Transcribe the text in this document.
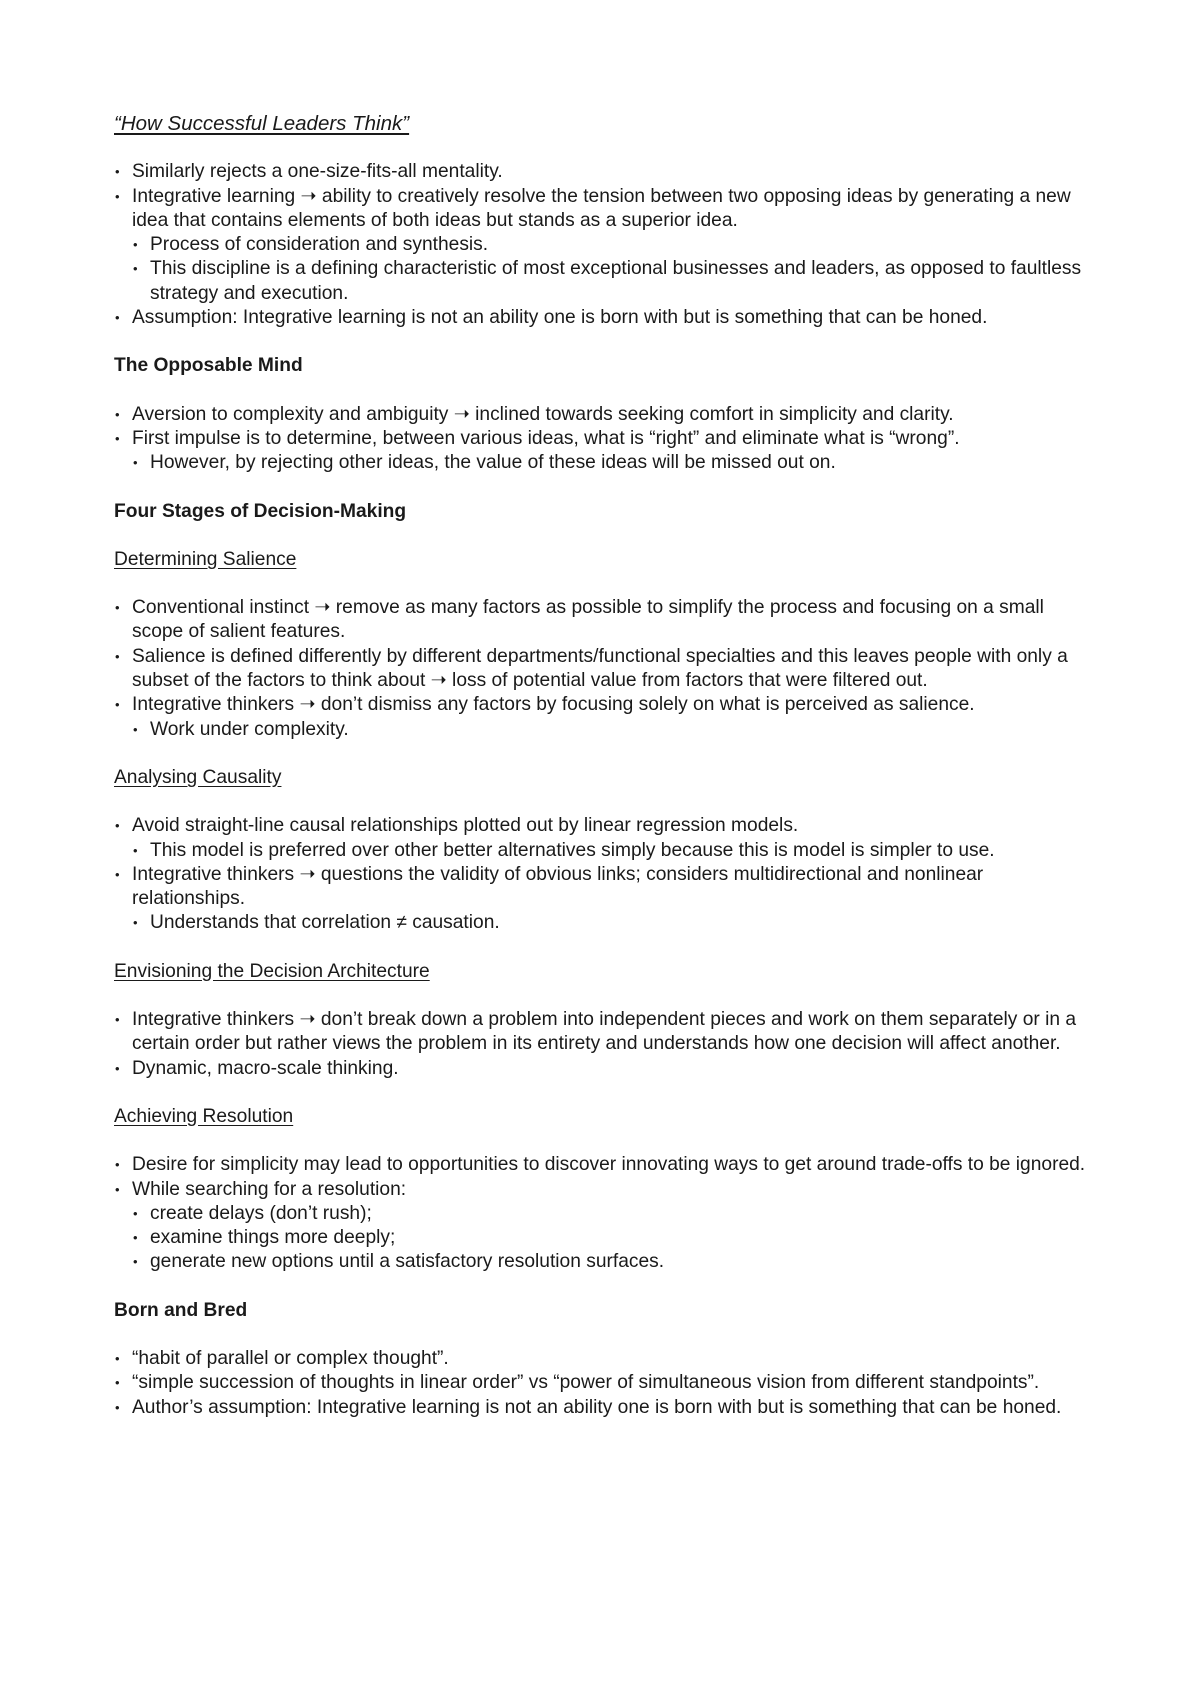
“How Successful Leaders Think”
• Similarly rejects a one-size-fits-all mentality.
• Integrative learning ➝ ability to creatively resolve the tension between two opposing ideas by generating a new idea that contains elements of both ideas but stands as a superior idea.
• Process of consideration and synthesis.
• This discipline is a defining characteristic of most exceptional businesses and leaders, as opposed to faultless strategy and execution.
• Assumption: Integrative learning is not an ability one is born with but is something that can be honed.
The Opposable Mind
• Aversion to complexity and ambiguity ➝ inclined towards seeking comfort in simplicity and clarity.
• First impulse is to determine, between various ideas, what is “right” and eliminate what is “wrong”.
• However, by rejecting other ideas, the value of these ideas will be missed out on.
Four Stages of Decision-Making
Determining Salience
• Conventional instinct ➝ remove as many factors as possible to simplify the process and focusing on a small scope of salient features.
• Salience is defined differently by different departments/functional specialties and this leaves people with only a subset of the factors to think about ➝ loss of potential value from factors that were filtered out.
• Integrative thinkers ➝ don’t dismiss any factors by focusing solely on what is perceived as salience.
• Work under complexity.
Analysing Causality
• Avoid straight-line causal relationships plotted out by linear regression models.
• This model is preferred over other better alternatives simply because this is model is simpler to use.
• Integrative thinkers ➝ questions the validity of obvious links; considers multidirectional and nonlinear relationships.
• Understands that correlation ≠ causation.
Envisioning the Decision Architecture
• Integrative thinkers ➝ don’t break down a problem into independent pieces and work on them separately or in a certain order but rather views the problem in its entirety and understands how one decision will affect another.
• Dynamic, macro-scale thinking.
Achieving Resolution
• Desire for simplicity may lead to opportunities to discover innovating ways to get around trade-offs to be ignored.
• While searching for a resolution:
• create delays (don’t rush);
• examine things more deeply;
• generate new options until a satisfactory resolution surfaces.
Born and Bred
• “habit of parallel or complex thought”.
• “simple succession of thoughts in linear order” vs “power of simultaneous vision from different standpoints”.
• Author’s assumption: Integrative learning is not an ability one is born with but is something that can be honed.
